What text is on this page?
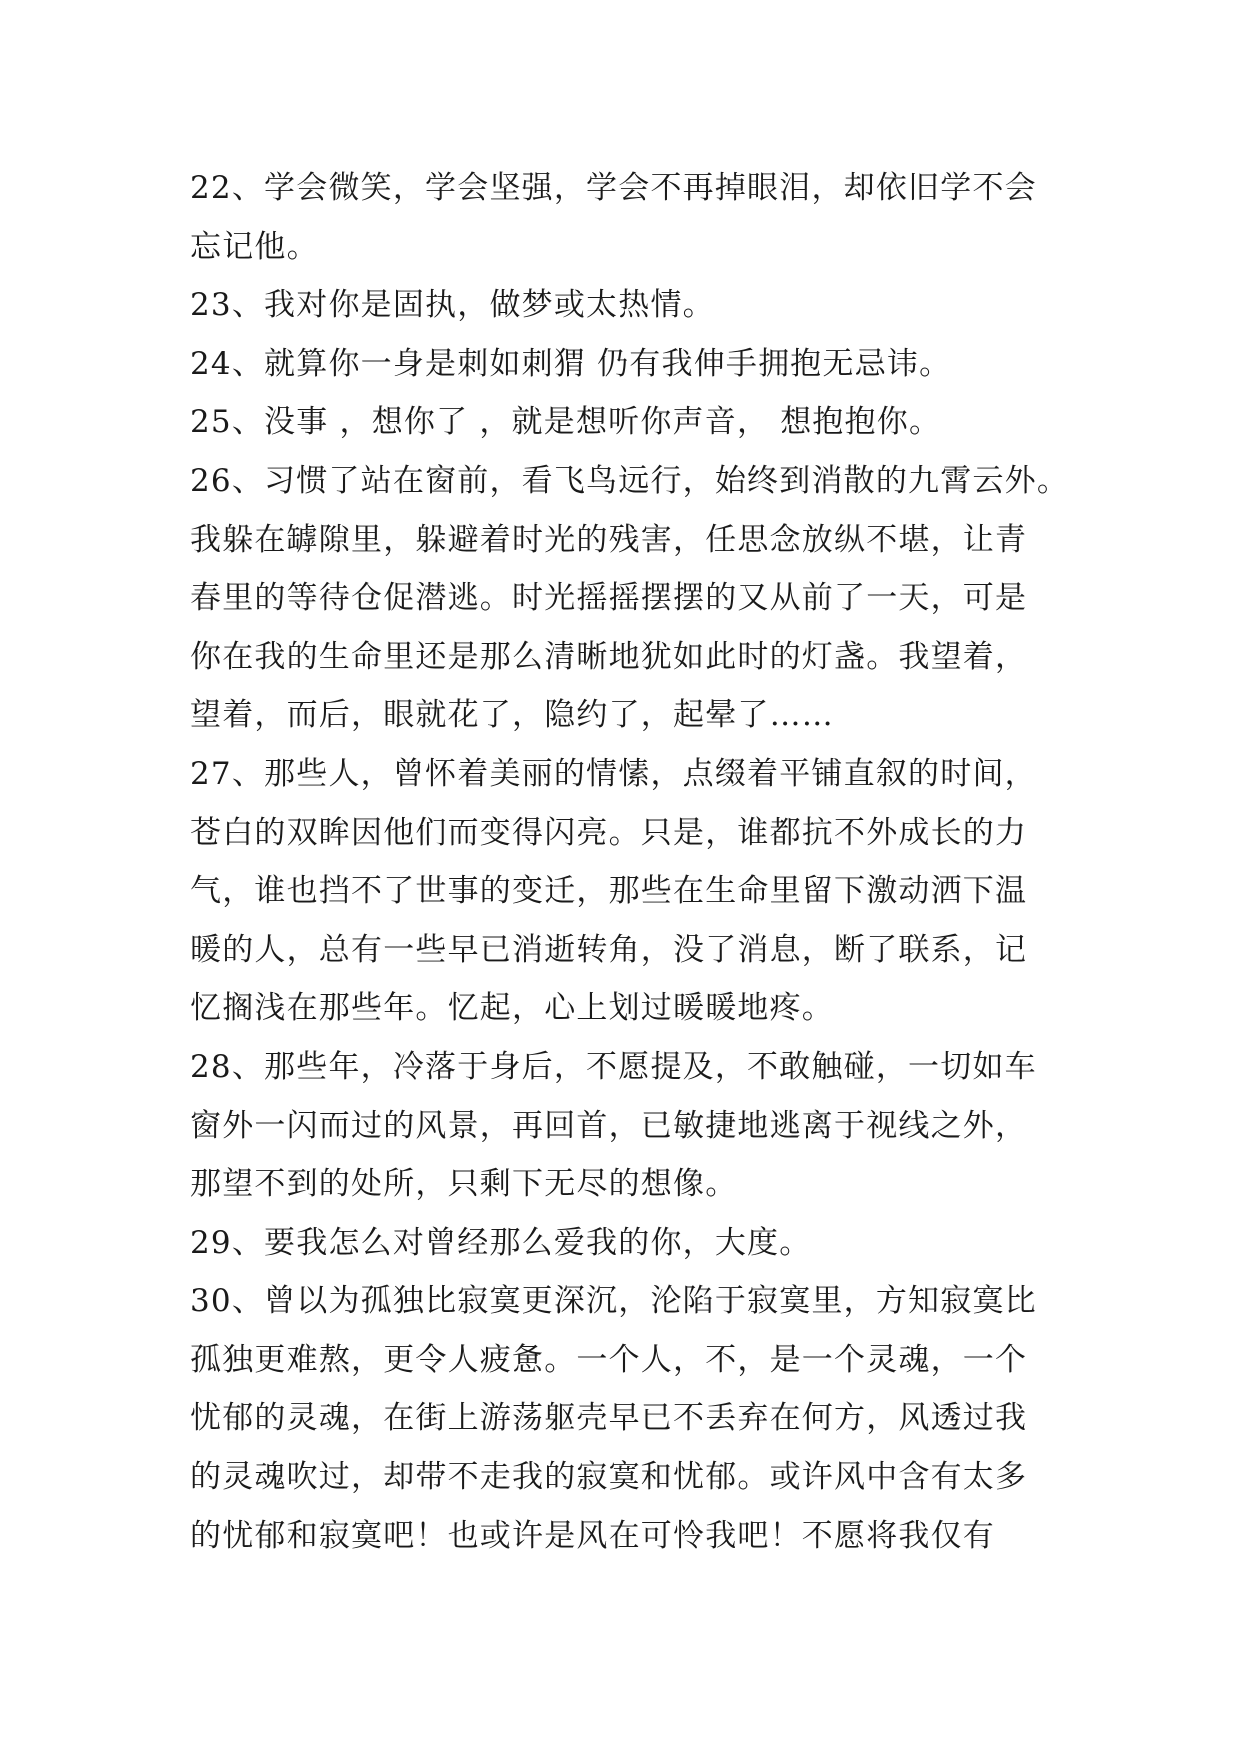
22、学会微笑，学会坚强，学会不再掉眼泪，却依旧学不会
忘记他。
23、我对你是固执，做梦或太热情。
24、就算你一身是刺如刺猬 仍有我伸手拥抱无忌讳。
25、没事 ，想你了 ，就是想听你声音， 想抱抱你。
26、习惯了站在窗前，看飞鸟远行，始终到消散的九霄云外。
我躲在罅隙里，躲避着时光的残害，任思念放纵不堪，让青
春里的等待仓促潜逃。时光摇摇摆摆的又从前了一天，可是
你在我的生命里还是那么清晰地犹如此时的灯盏。我望着，
望着，而后，眼就花了，隐约了，起晕了……
27、那些人，曾怀着美丽的情愫，点缀着平铺直叙的时间，
苍白的双眸因他们而变得闪亮。只是，谁都抗不外成长的力
气，谁也挡不了世事的变迁，那些在生命里留下激动洒下温
暖的人，总有一些早已消逝转角，没了消息，断了联系，记
忆搁浅在那些年。忆起，心上划过暖暖地疼。
28、那些年，冷落于身后，不愿提及，不敢触碰，一切如车
窗外一闪而过的风景，再回首，已敏捷地逃离于视线之外，
那望不到的处所，只剩下无尽的想像。
29、要我怎么对曾经那么爱我的你，大度。
30、曾以为孤独比寂寞更深沉，沦陷于寂寞里，方知寂寞比
孤独更难熬，更令人疲惫。一个人，不，是一个灵魂，一个
忧郁的灵魂，在街上游荡躯壳早已不丢弃在何方，风透过我
的灵魂吹过，却带不走我的寂寞和忧郁。或许风中含有太多
的忧郁和寂寞吧！也或许是风在可怜我吧！不愿将我仅有
